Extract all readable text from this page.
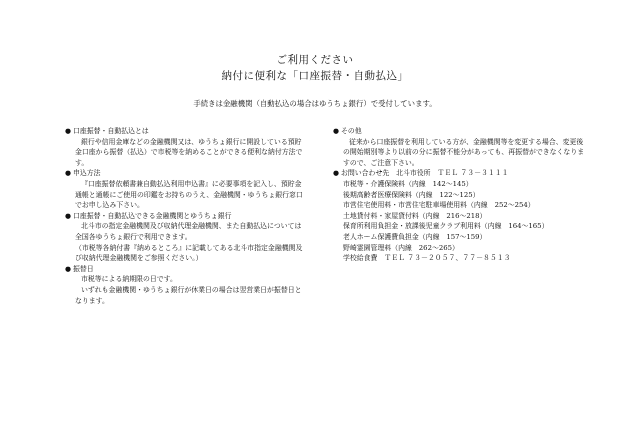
ご利用ください
納付に便利な「口座振替・自動払込」
手続きは金融機関（自動払込の場合はゆうちょ銀行）で受付しています。
● 口座振替・自動払込とは
銀行や信用金庫などの金融機関又は、ゆうちょ銀行に開設している預貯金口座から振替（払込）で市税等を納めることができる便利な納付方法です。
● 申込方法
『口座振替依頼書兼自動払込利用申込書』に必要事項を記入し、預貯金通帳と通帳にご使用の印鑑をお持ちのうえ、金融機関・ゆうちょ銀行窓口でお申し込み下さい。
● 口座振替・自動払込できる金融機関とゆうちょ銀行
北斗市の指定金融機関及び収納代理金融機関、また自動払込については全国各ゆうちょ銀行で利用できます。
（市税等各納付書『納めるところ』に記載してある北斗市指定金融機関及び収納代理金融機関をご参照ください。）
● 振替日
市税等による納期限の日です。
いずれも金融機関・ゆうちょ銀行が休業日の場合は翌営業日が振替日となります。
● その他
従来から口座振替を利用している方が、金融機関等を変更する場合、変更後の開始期別等より以前の分に振替不能分があっても、再振替ができなくなりますので、ご注意下さい。
● お問い合わせ先　 北斗市役所　ＴＥＬ ７３－３１１１
市税等・介護保険料（内線　142～145）
後期高齢者医療保険料（内線　122～125）
市営住宅使用料・市営住宅駐車場使用料（内線　252～254）
土地貸付料・家屋貸付料（内線　216～218）
保育所利用負担金・放課後児童クラブ利用料（内線　164～165）
老人ホーム保護費負担金（内線　157～159）
野崎霊園管理料（内線　262～265）
学校給食費　ＴＥＬ ７３－２０５７、７７－８５１３
